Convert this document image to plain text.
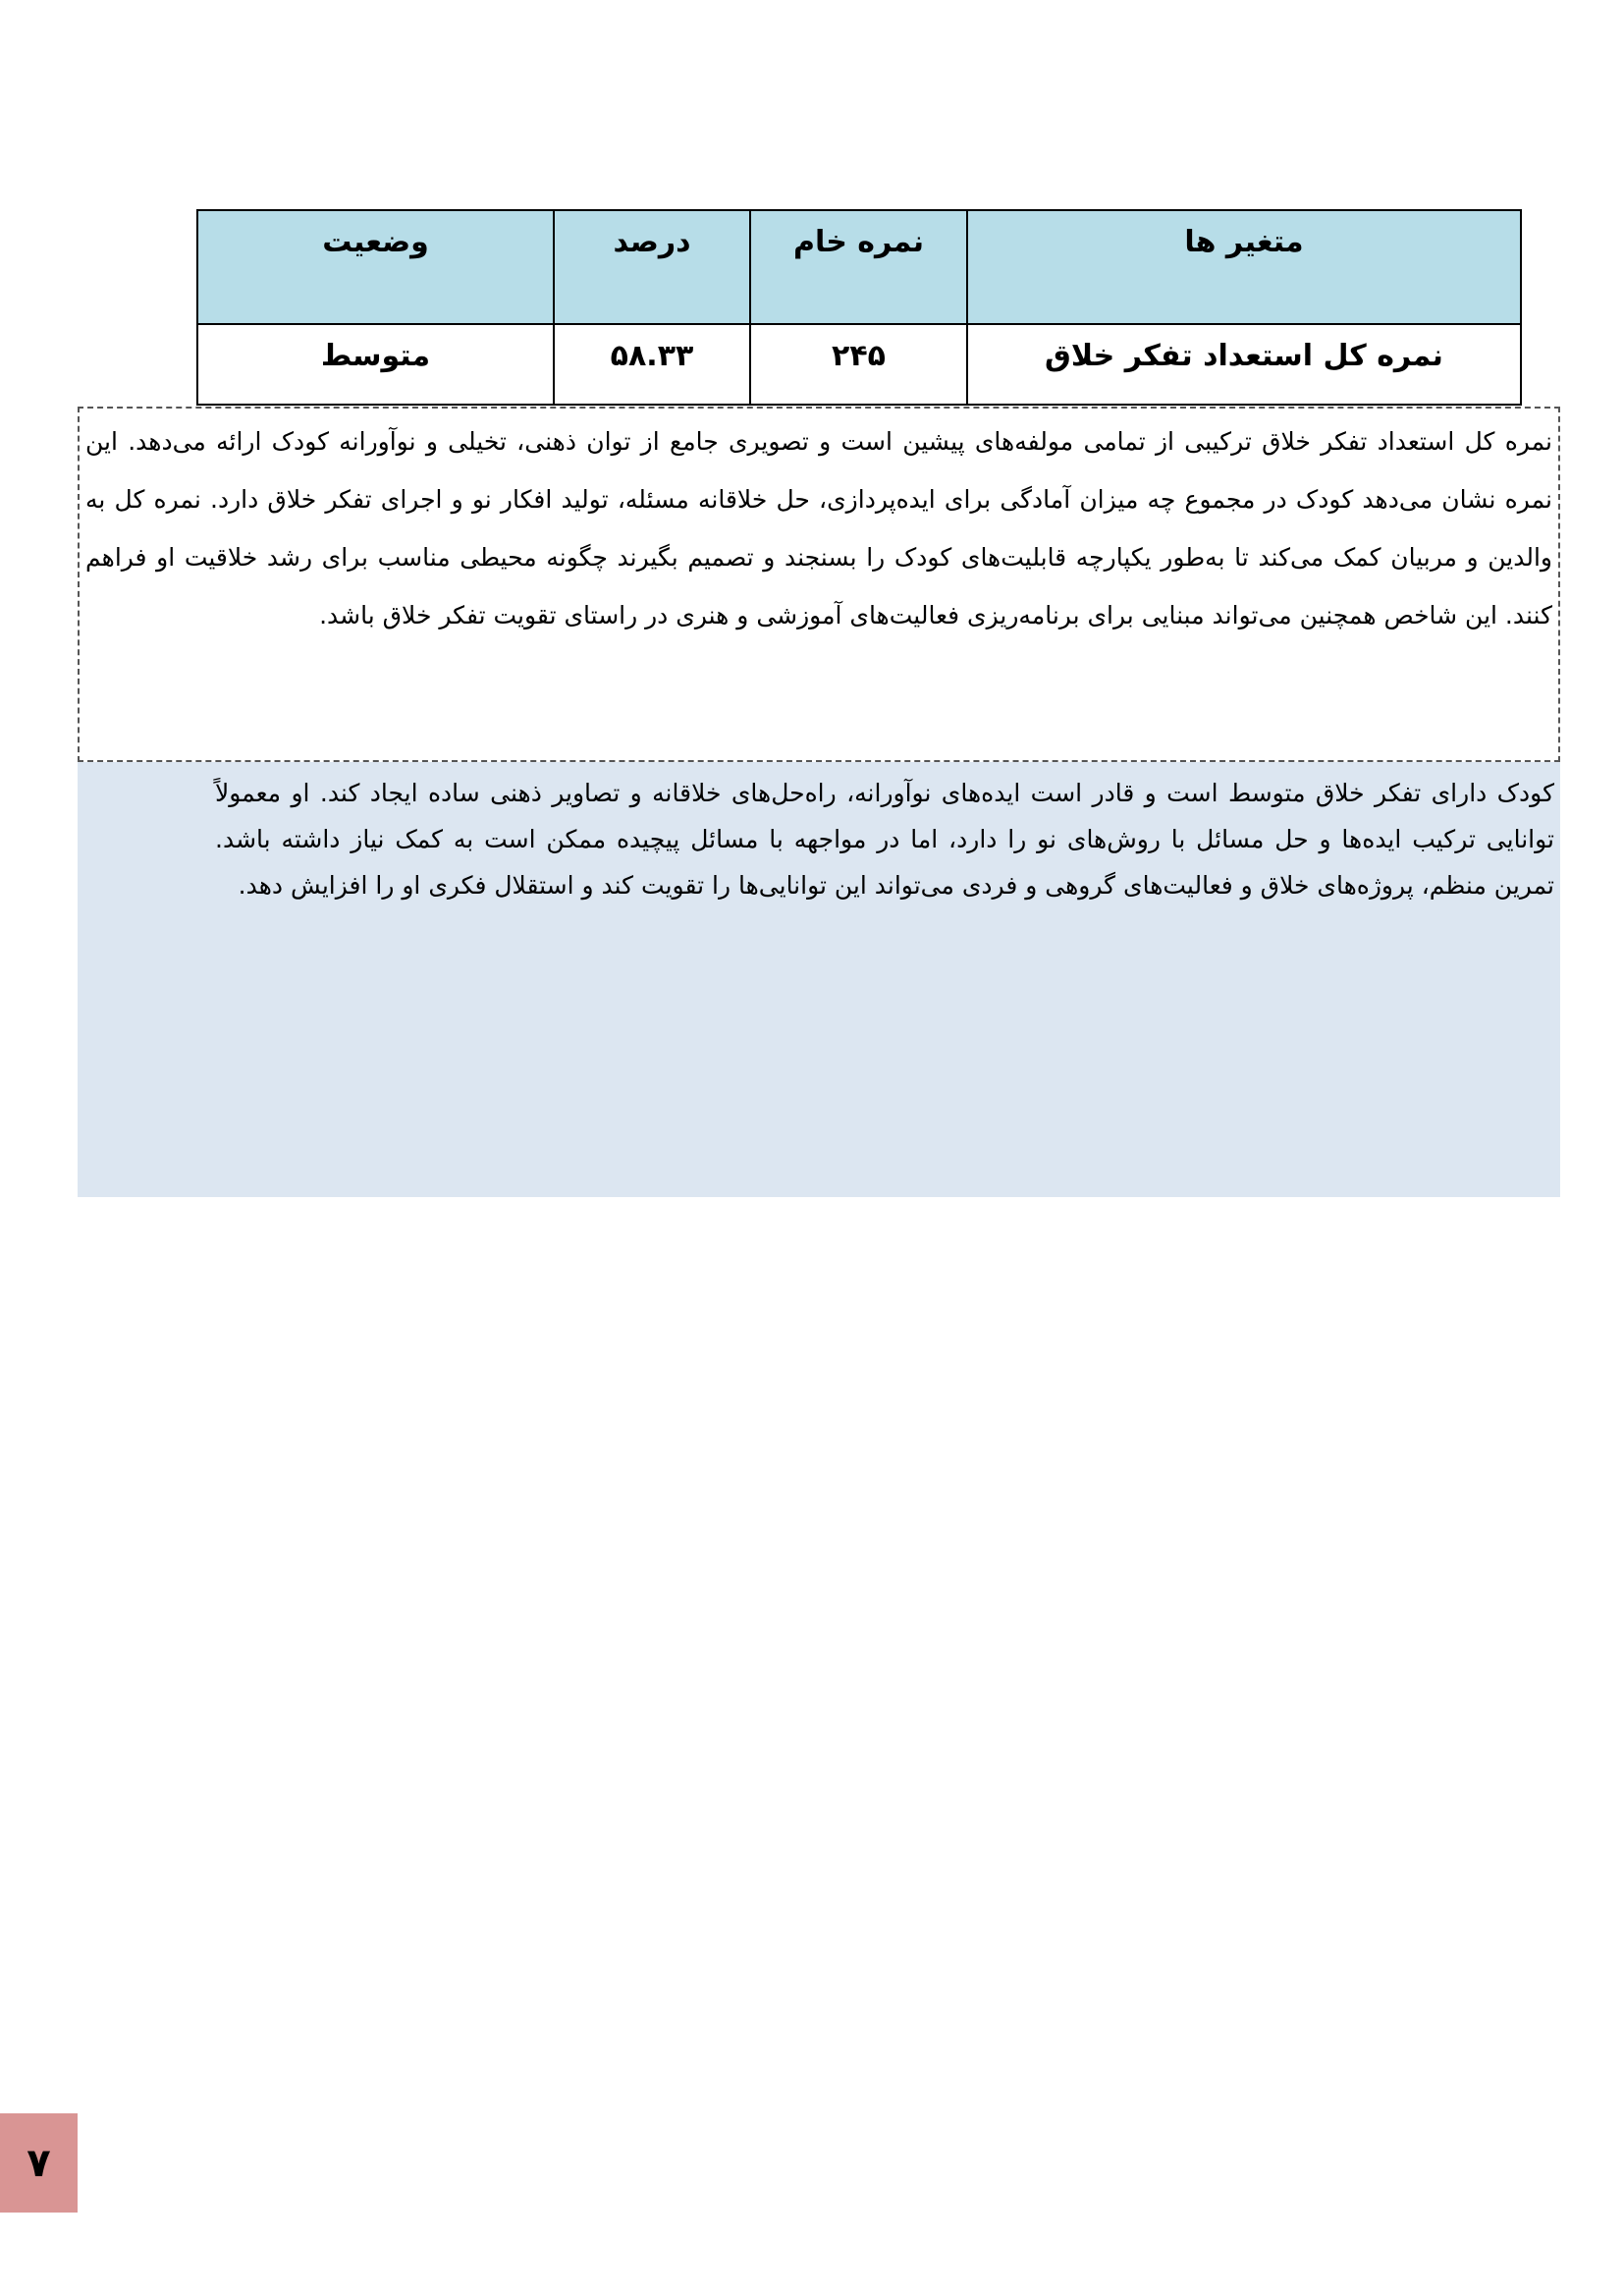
متغیر ها	نمره خام	درصد	وضعیت
نمره کل استعداد تفکر خلاق	۲۴۵	۵۸.۳۳	متوسط

نمره کل استعداد تفکر خلاق ترکیبی از تمامی مولفه‌های پیشین است و تصویری جامع از توان ذهنی، تخیلی و نوآورانه کودک ارائه می‌دهد. این نمره نشان می‌دهد کودک در مجموع چه میزان آمادگی برای ایده‌پردازی، حل خلاقانه مسئله، تولید افکار نو و اجرای تفکر خلاق دارد. نمره کل به والدین و مربیان کمک می‌کند تا به‌طور یکپارچه قابلیت‌های کودک را بسنجند و تصمیم بگیرند چگونه محیطی مناسب برای رشد خلاقیت او فراهم کنند. این شاخص همچنین می‌تواند مبنایی برای برنامه‌ریزی فعالیت‌های آموزشی و هنری در راستای تقویت تفکر خلاق باشد.

کودک دارای تفکر خلاق متوسط است و قادر است ایده‌های نوآورانه، راه‌حل‌های خلاقانه و تصاویر ذهنی ساده ایجاد کند. او معمولاً توانایی ترکیب ایده‌ها و حل مسائل با روش‌های نو را دارد، اما در مواجهه با مسائل پیچیده ممکن است به کمک نیاز داشته باشد. تمرین منظم، پروژه‌های خلاق و فعالیت‌های گروهی و فردی می‌تواند این توانایی‌ها را تقویت کند و استقلال فکری او را افزایش دهد.

۷
